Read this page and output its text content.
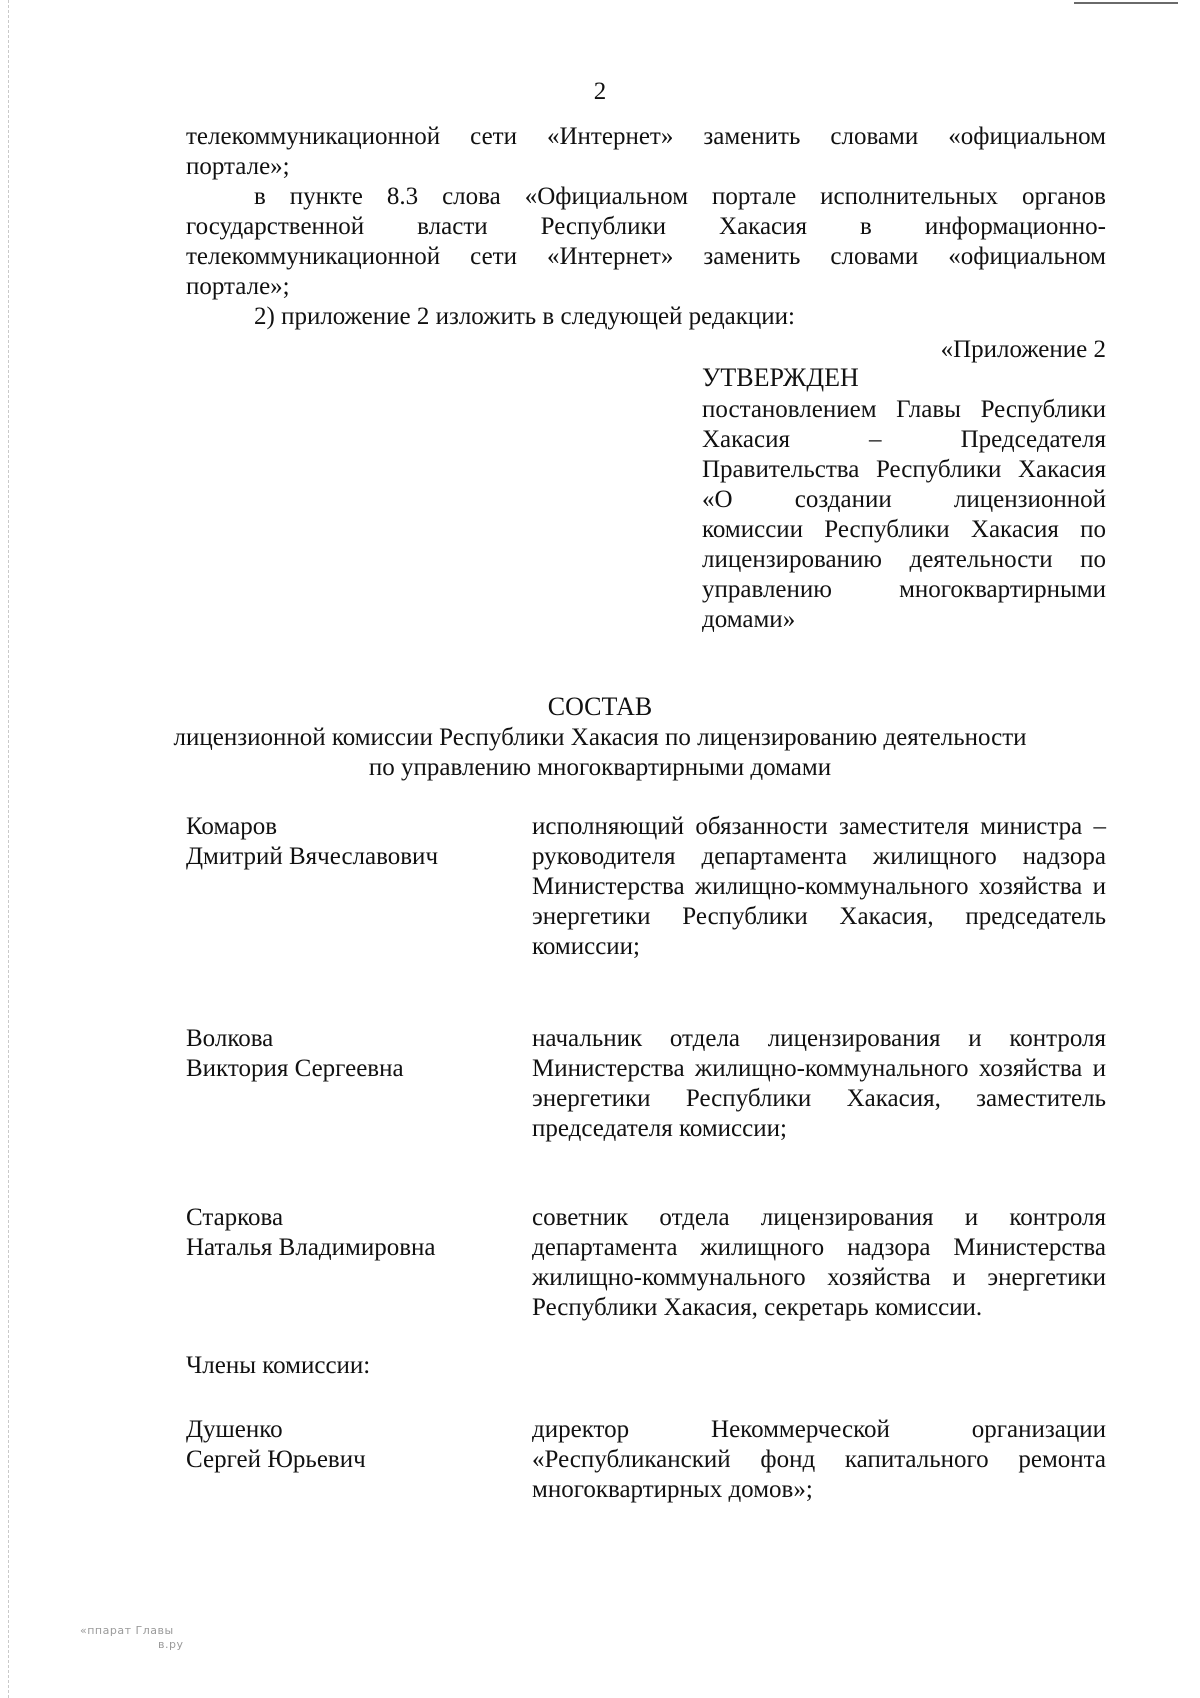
2

телекоммуникационной сети «Интернет» заменить словами «официальном
портале»;

в пункте 8.3 слова «Официальном портале исполнительных органов
государственной власти Республики Хакасия в информационно-
телекоммуникационной сети «Интернет» заменить словами «официальном
портале»;

2) приложение 2 изложить в следующей редакции:

«Приложение 2
УТВЕРЖДЕН
постановлением Главы Республики
Хакасия – Председателя
Правительства Республики Хакасия
«О создании лицензионной
комиссии Республики Хакасия по
лицензированию деятельности по
управлению многоквартирными
домами»
СОСТАВ
лицензионной комиссии Республики Хакасия по лицензированию деятельности
по управлению многоквартирными домами
Комаров
Дмитрий Вячеславович
исполняющий обязанности заместителя министра – руководителя департамента жилищного надзора Министерства жилищно-коммунального хозяйства и энергетики Республики Хакасия, председатель комиссии;
Волкова
Виктория Сергеевна
начальник отдела лицензирования и контроля Министерства жилищно-коммунального хозяйства и энергетики Республики Хакасия, заместитель председателя комиссии;
Старкова
Наталья Владимировна
советник отдела лицензирования и контроля департамента жилищного надзора Министерства жилищно-коммунального хозяйства и энергетики Республики Хакасия, секретарь комиссии.
Члены комиссии:
Душенко
Сергей Юрьевич
директор Некоммерческой организации «Республиканский фонд капитального ремонта многоквартирных домов»;
«ппарат Главы
в.ру
